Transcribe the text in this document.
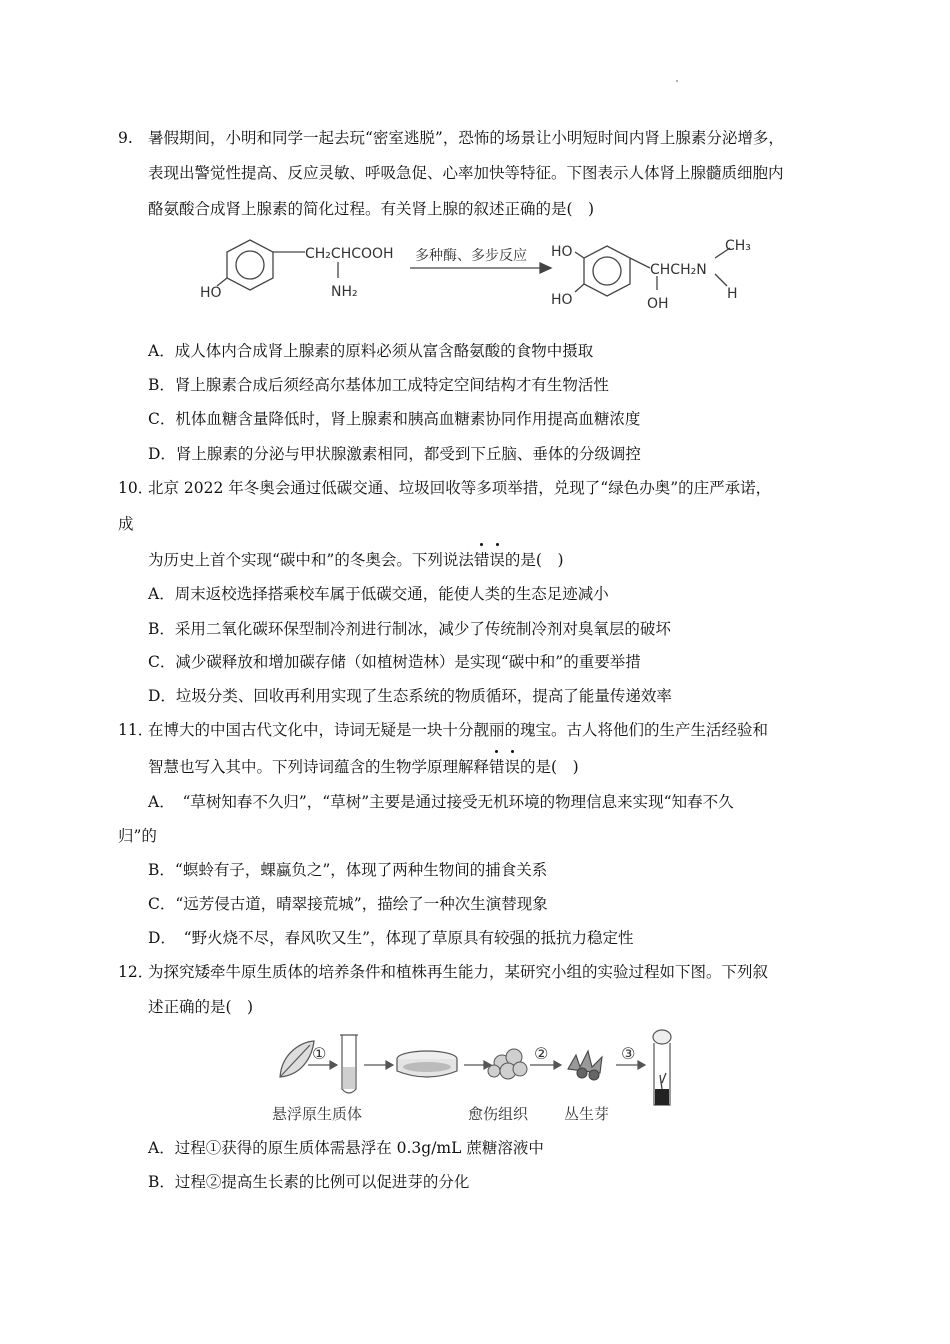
9. 暑假期间，小明和同学一起去玩“密室逃脱”，恐怖的场景让小明短时间内肾上腺素分泌增多，
表现出警觉性提高、反应灵敏、呼吸急促、心率加快等特征。下图表示人体肾上腺髓质细胞内
酪氨酸合成肾上腺素的简化过程。有关肾上腺的叙述正确的是(　)
HO
CH₂CHCOOH
NH₂
多种酶、多步反应 HO
HO
CHCH₂N
CH₃
H
OH
A．成人体内合成肾上腺素的原料必须从富含酪氨酸的食物中摄取
B．肾上腺素合成后须经高尔基体加工成特定空间结构才有生物活性
C．机体血糖含量降低时，肾上腺素和胰高血糖素协同作用提高血糖浓度
D．肾上腺素的分泌与甲状腺激素相同，都受到下丘脑、垂体的分级调控
10．
北京 2022 年冬奥会通过低碳交通、垃圾回收等多项举措，兑现了“绿色办奥”的庄严承诺，
成
为历史上首个实现“碳中和”的冬奥会。下列说法错误的是(　)
A．周末返校选择搭乘校车属于低碳交通，能使人类的生态足迹减小
B．采用二氧化碳环保型制冷剂进行制冰，减少了传统制冷剂对臭氧层的破坏
C．减少碳释放和增加碳存储（如植树造林）是实现“碳中和”的重要举措
D．垃圾分类、回收再利用实现了生态系统的物质循环，提高了能量传递效率
11．
在博大的中国古代文化中，诗词无疑是一块十分靓丽的瑰宝。古人将他们的生产生活经验和
智慧也写入其中。下列诗词蕴含的生物学原理解释错误的是(　)
A．　“草树知春不久归”，“草树”主要是通过接受无机环境的物理信息来实现“知春不久
归”的
B．“螟蛉有子，蜾蠃负之”，体现了两种生物间的捕食关系
C．“远芳侵古道，晴翠接荒城”，描绘了一种次生演替现象
D．　“野火烧不尽，春风吹又生”，体现了草原具有较强的抵抗力稳定性
12．
为探究矮牵牛原生质体的培养条件和植株再生能力，某研究小组的实验过程如下图。下列叙
述正确的是(　)
①	②	③
悬浮原生质体	愈伤组织 丛生芽
A．过程①获得的原生质体需悬浮在 0.3g/mL 蔗糖溶液中
B．过程②提高生长素的比例可以促进芽的分化
